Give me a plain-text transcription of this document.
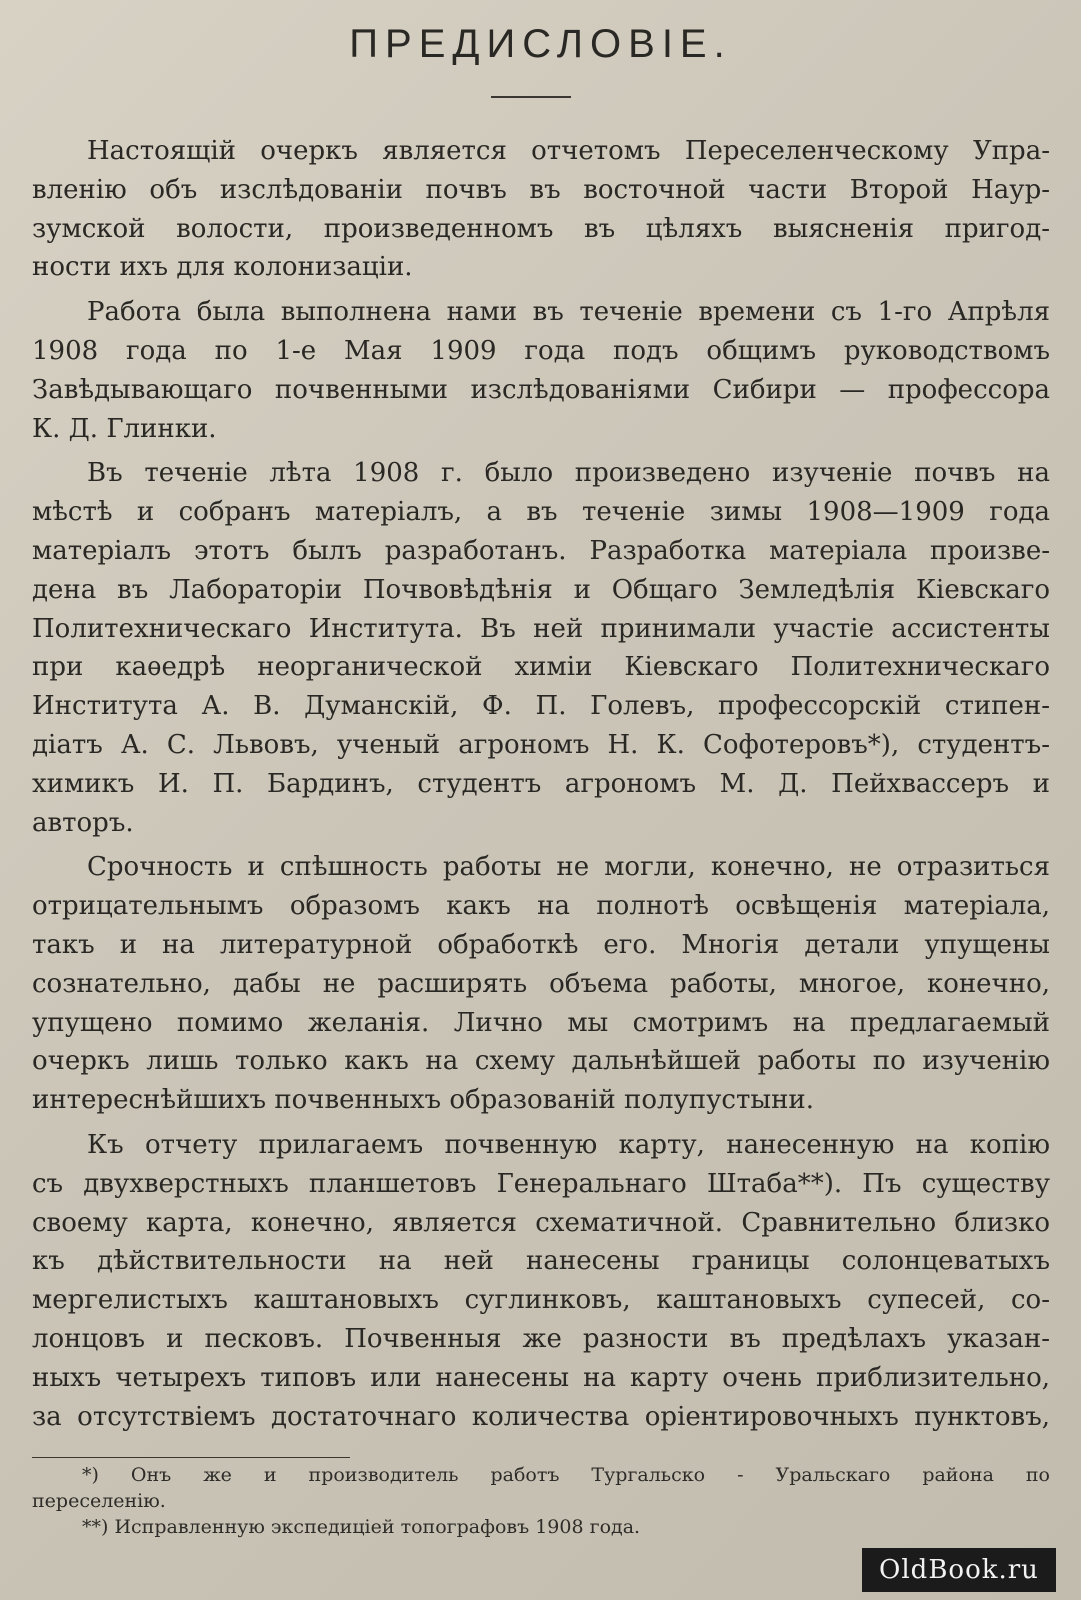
ПРЕДИСЛОВIЕ.

Настоящiй очеркъ является отчетомъ Переселенческому Упра-
вленiю объ изслѣдованiи почвъ въ восточной части Второй Наур-
зумской волости, произведенномъ въ цѣляхъ выясненiя пригод-
ности ихъ для колонизацiи.

Работа была выполнена нами въ теченiе времени съ 1-го Апрѣля
1908 года по 1-е Мая 1909 года подъ общимъ руководствомъ
Завѣдывающаго почвенными изслѣдованiями Сибири — профессора
К. Д. Глинки.

Въ теченiе лѣта 1908 г. было произведено изученiе почвъ на
мѣстѣ и собранъ матерiалъ, а въ теченiе зимы 1908—1909 года
матерiалъ этотъ былъ разработанъ. Разработка матерiала произве-
дена въ Лабораторiи Почвовѣдѣнiя и Общаго Земледѣлiя Кiевскаго
Политехническаго Института. Въ ней принимали участiе ассистенты
при каѳедрѣ неорганической химiи Кiевскаго Политехническаго
Института А. В. Думанскiй, Ф. П. Голевъ, профессорскiй стипен-
дiатъ А. С. Львовъ, ученый агрономъ Н. К. Софотеровъ*), студентъ-
химикъ И. П. Бардинъ, студентъ агрономъ М. Д. Пейхвассеръ и
авторъ.

Срочность и спѣшность работы не могли, конечно, не отразиться
отрицательнымъ образомъ какъ на полнотѣ освѣщенiя матерiала,
такъ и на литературной обработкѣ его. Многiя детали упущены
сознательно, дабы не расширять объема работы, многое, конечно,
упущено помимо желанiя. Лично мы смотримъ на предлагаемый
очеркъ лишь только какъ на схему дальнѣйшей работы по изученiю
интереснѣйшихъ почвенныхъ образованiй полупустыни.

Къ отчету прилагаемъ почвенную карту, нанесенную на копiю
съ двухверстныхъ планшетовъ Генеральнаго Штаба**). Пъ существу
своему карта, конечно, является схематичной. Сравнительно близко
къ дѣйствительности на ней нанесены границы солонцеватыхъ
мергелистыхъ каштановыхъ суглинковъ, каштановыхъ супесей, со-
лонцовъ и песковъ. Почвенныя же разности въ предѣлахъ указан-
ныхъ четырехъ типовъ или нанесены на карту очень приблизительно,
за отсутствiемъ достаточнаго количества орiентировочныхъ пунктовъ,

*) Онъ же и производитель работъ Тургальско - Уральскаго района по
переселенiю.

**) Исправленную экспедицiей топографовъ 1908 года.

OldBook.ru
